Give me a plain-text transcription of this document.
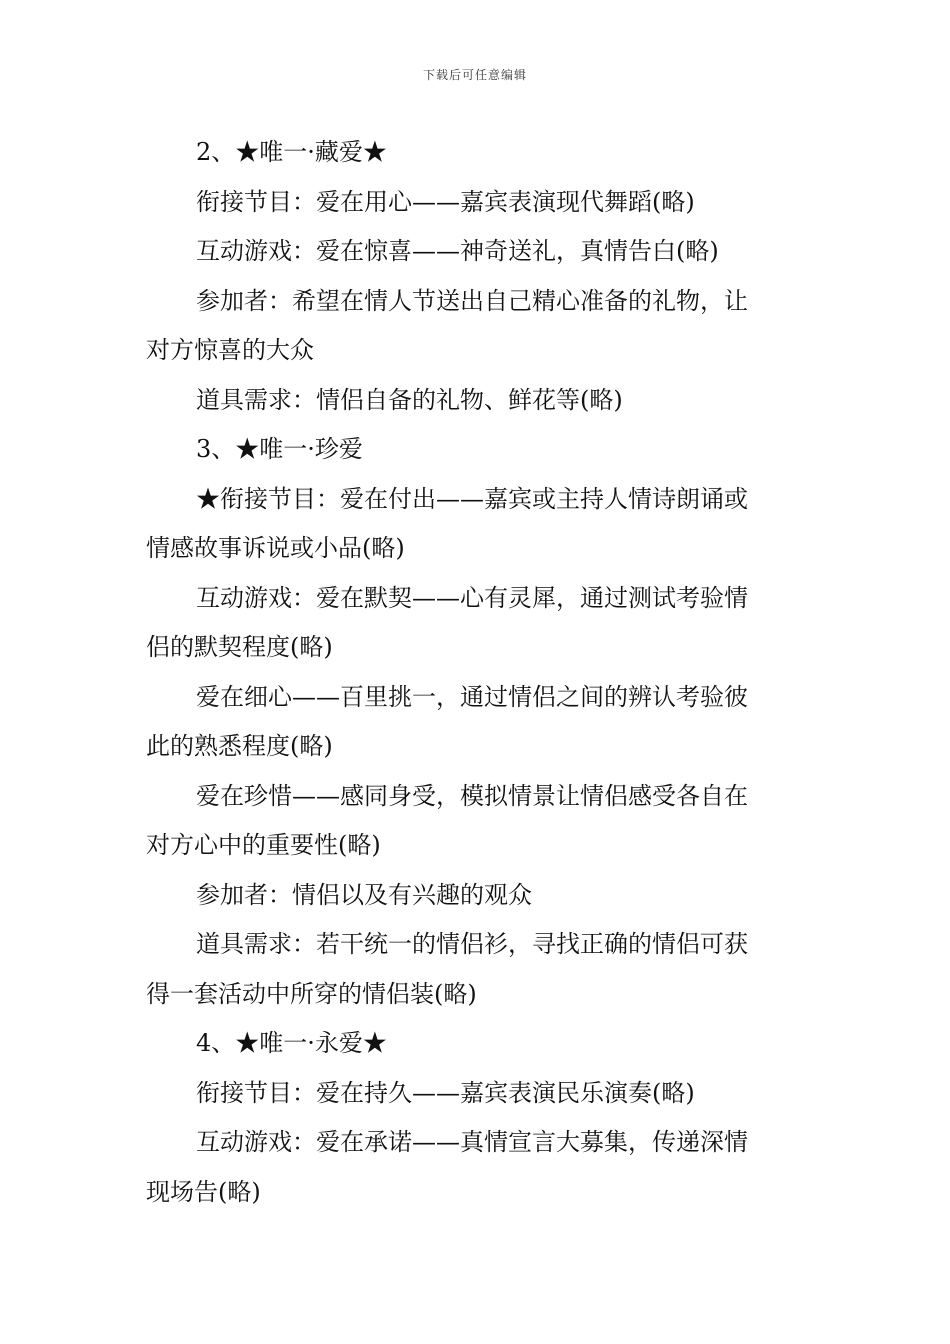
下载后可任意编辑

2、★唯一·藏爱★

衔接节目：爱在用心——嘉宾表演现代舞蹈(略)

互动游戏：爱在惊喜——神奇送礼，真情告白(略)

参加者：希望在情人节送出自己精心准备的礼物，让
对方惊喜的大众

道具需求：情侣自备的礼物、鲜花等(略)

3、★唯一·珍爱

★衔接节目：爱在付出——嘉宾或主持人情诗朗诵或
情感故事诉说或小品(略)

互动游戏：爱在默契——心有灵犀，通过测试考验情
侣的默契程度(略)

爱在细心——百里挑一，通过情侣之间的辨认考验彼
此的熟悉程度(略)

爱在珍惜——感同身受，模拟情景让情侣感受各自在
对方心中的重要性(略)

参加者：情侣以及有兴趣的观众

道具需求：若干统一的情侣衫，寻找正确的情侣可获
得一套活动中所穿的情侣装(略)

4、★唯一·永爱★

衔接节目：爱在持久——嘉宾表演民乐演奏(略)

互动游戏：爱在承诺——真情宣言大募集，传递深情
现场告(略)
